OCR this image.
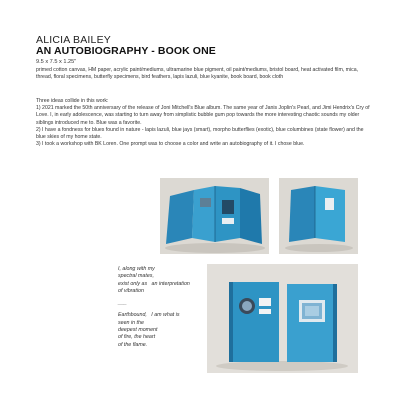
ALICIA BAILEY
AN AUTOBIOGRAPHY - BOOK ONE
9.5 x 7.5 x 1.25"
primed cotton canvas, HM paper, acrylic paint/mediums, ultramarine blue pigment, oil paint/mediums, bristol board, heat activated film, mica, thread, floral specimens, butterfly specimens, bird feathers, lapis lazuli, blue kyanite, book board, book cloth
Three ideas collide in this work:

1) 2021 marked the 50th anniversary of the release of Joni Mitchell's Blue album. The same year of Janis Joplin's Pearl, and Jimi Hendrix's Cry of Love. I, in early adolescence, was starting to turn away from simplistic bubble gum pop towards the more interesting chaotic sounds my older siblings introduced me to. Blue was a favorite.

2) I have a fondness for blues found in nature - lapis lazuli, blue jays (smart), morpho butterflies (exotic), blue columbines (state flower) and the blue skies of my home state.

3) I took a workshop with BK Loren. One prompt was to choose a color and write an autobiography of it. I chose blue.

I, along with my
spectral mates,
exist only as   an interpretation
of vibration
___
Earthbound,   I am what is
seen in the
deepest moment
of fire, the heart
of the flame.
